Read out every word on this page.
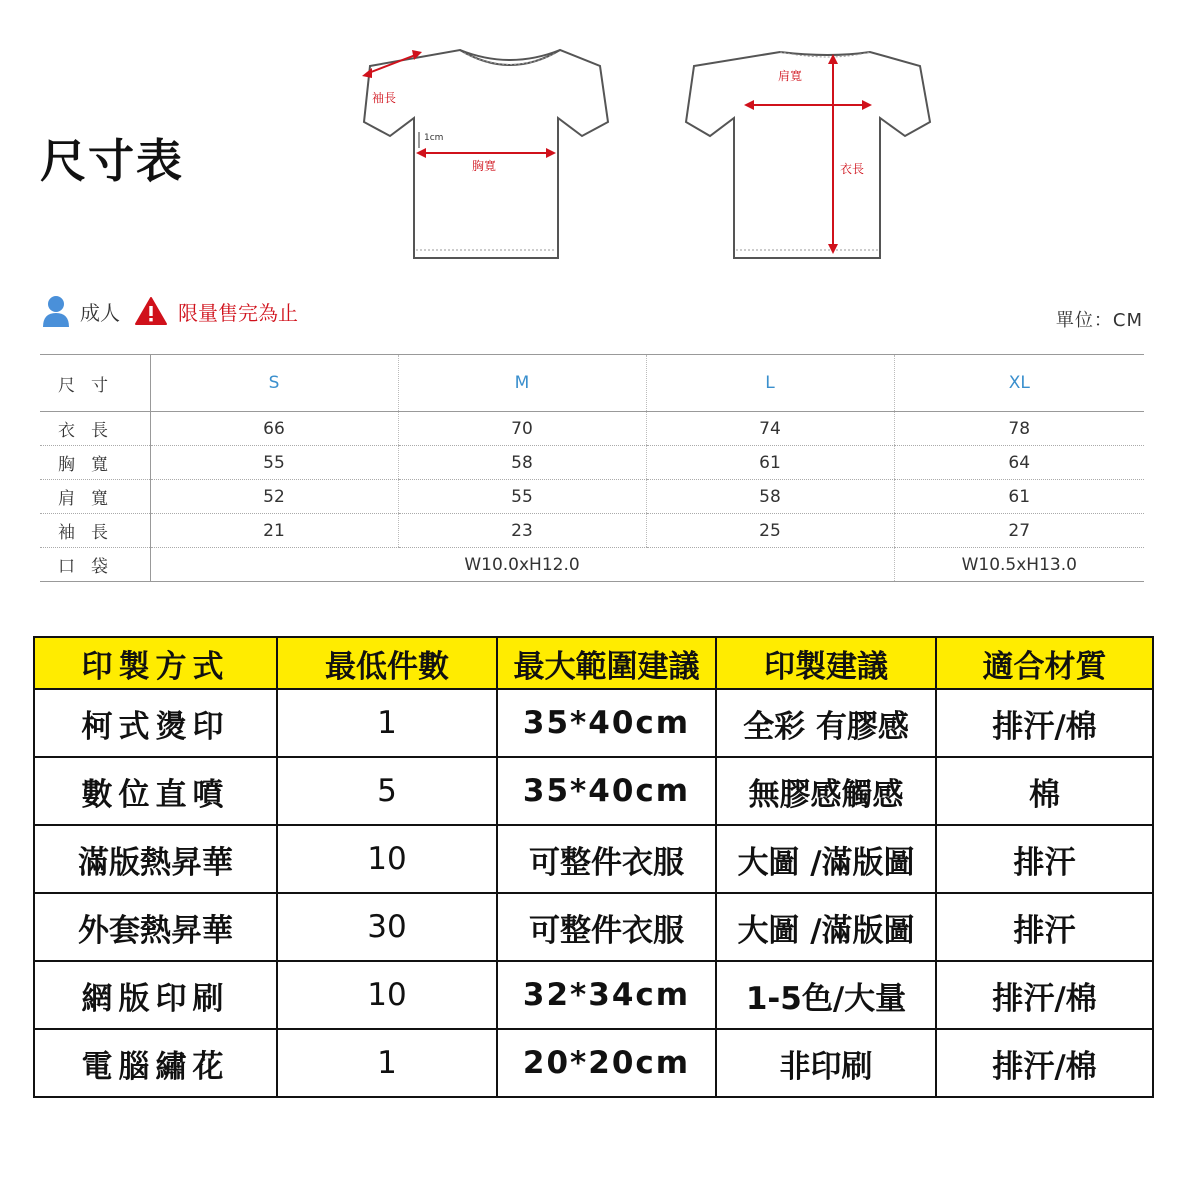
尺寸表
袖長
1cm
胸寬
肩寬
衣長
成人	限量售完為止	單位：CM
尺寸	S	M	L	XL
衣長	66	70	74	78
胸寬	55	58	61	64
肩寬	52	55	58	61
袖長	21	23	25	27
口袋	W10.0xH12.0			W10.5xH13.0
印製方式	最低件數	最大範圍建議	印製建議	適合材質
柯式燙印	1	35*40cm	全彩 有膠感	排汗/棉
數位直噴	5	35*40cm	無膠感觸感	棉
滿版熱昇華	10	可整件衣服	大圖 /滿版圖	排汗
外套熱昇華	30	可整件衣服	大圖 /滿版圖	排汗
網版印刷	10	32*34cm	1-5色/大量	排汗/棉
電腦繡花	1	20*20cm	非印刷	排汗/棉
